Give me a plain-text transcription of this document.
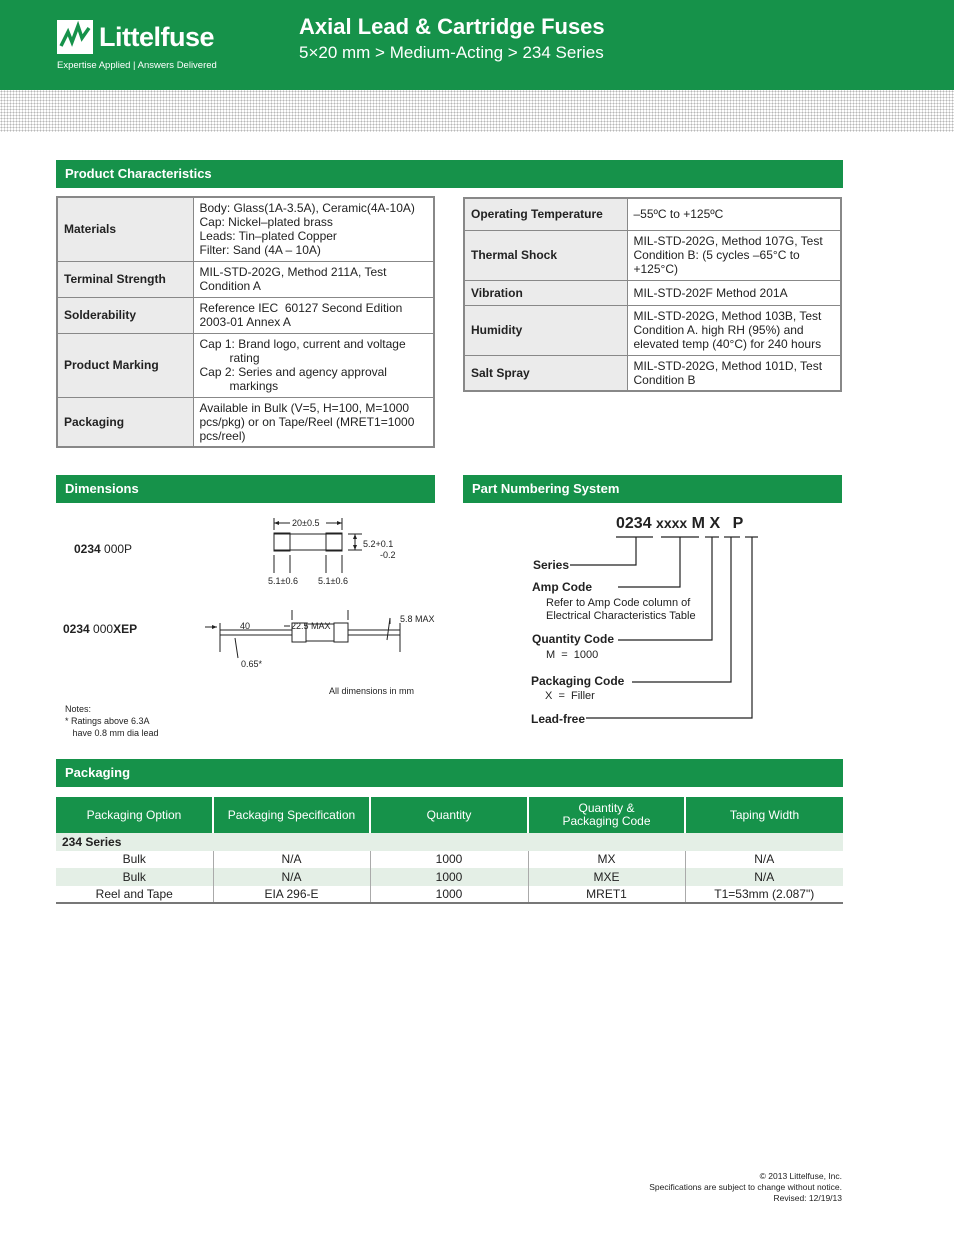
Littelfuse
Expertise Applied | Answers Delivered
Axial Lead & Cartridge Fuses
5×20 mm > Medium-Acting > 234 Series
Product Characteristics
Materials	Body: Glass(1A-3.5A), Ceramic(4A-10A)
Cap: Nickel–plated brass
Leads: Tin–plated Copper
Filter: Sand (4A – 10A)

Terminal Strength	MIL-STD-202G, Method 211A, Test
Condition A

Solderability	Reference IEC  60127 Second Edition
2003-01 Annex A

Product Marking	Cap 1: Brand logo, current and voltage
rating
Cap 2: Series and agency approval
markings

Packaging	Available in Bulk (V=5, H=100, M=1000
pcs/pkg) or on Tape/Reel (MRET1=1000
pcs/reel)
Operating Temperature	–55ºC to +125ºC

Thermal Shock	MIL-STD-202G, Method 107G, Test
Condition B: (5 cycles –65°C to
+125°C)

Vibration	MIL-STD-202F Method 201A

Humidity	MIL-STD-202G, Method 103B, Test
Condition A. high RH (95%) and
elevated temp (40°C) for 240 hours

Salt Spray	MIL-STD-202G, Method 101D, Test
Condition B
Dimensions
0234 000P
0234 000XEP
20±0.5
5.2+0.1
-0.2
5.1±0.6 5.1±0.6
40	22.5 MAX
5.8 MAX
0.65*
All dimensions in mm
Notes:
* Ratings above 6.3A
have 0.8 mm dia lead
Part Numbering System
0234 xxxx M X P
Series
Amp Code
Refer to Amp Code column of
Electrical Characteristics Table
Quantity Code
M  =  1000
Packaging Code
X  =  Filler
Lead-free
Packaging
Packaging Option	Packaging Specification	Quantity	Quantity &
Packaging Code	Taping Width
234 Series				
Bulk	N/A	1000	MX	N/A
Bulk	N/A	1000	MXE	N/A
Reel and Tape	EIA 296-E	1000	MRET1	T1=53mm (2.087")
© 2013 Littelfuse, Inc.
Specifications are subject to change without notice.
Revised: 12/19/13
